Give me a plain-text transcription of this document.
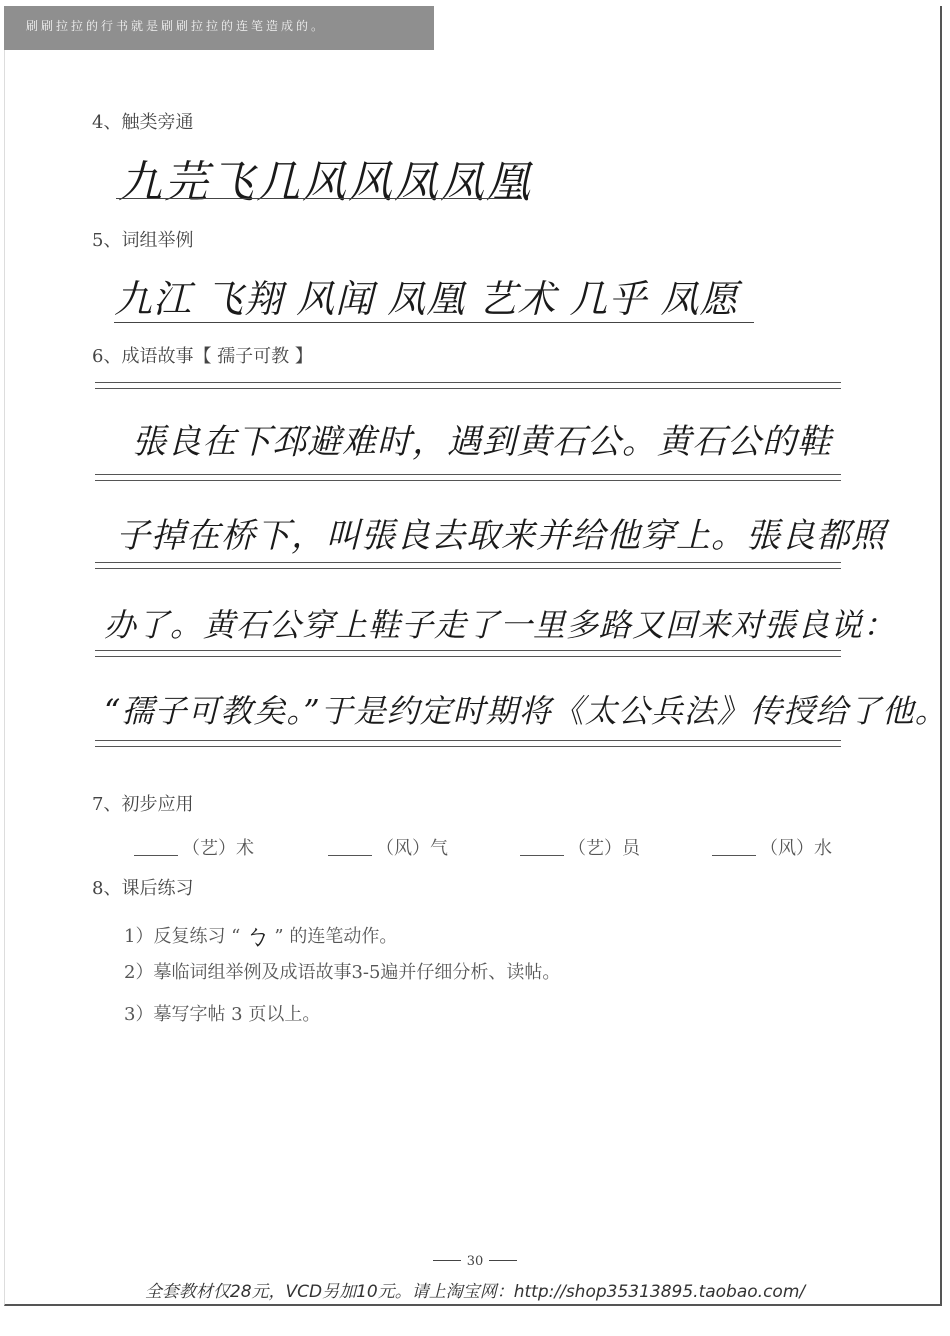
刷刷拉拉的行书就是刷刷拉拉的连笔造成的。
4、触类旁通
九芫飞几风风凤凤凰
5、词组举例
九江 飞翔 风闻 凤凰 艺术 几乎 凤愿
6、成语故事【 孺子可教 】
張良在下邳避难时，遇到黄石公。黄石公的鞋
子掉在桥下，叫張良去取来并给他穿上。張良都照
办了。黄石公穿上鞋子走了一里多路又回来对張良说：
“孺子可教矣。”于是约定时期将《太公兵法》传授给了他。
7、初步应用
（艺）术	（风）气	（艺）员	（风）水
8、课后练习
1）反复练习 “ ㄅ ” 的连笔动作。
2）摹临词组举例及成语故事3-5遍并仔细分析、读帖。
3）摹写字帖 3 页以上。
30
全套教材仅28元，VCD另加10元。请上淘宝网：http://shop35313895.taobao.com/
